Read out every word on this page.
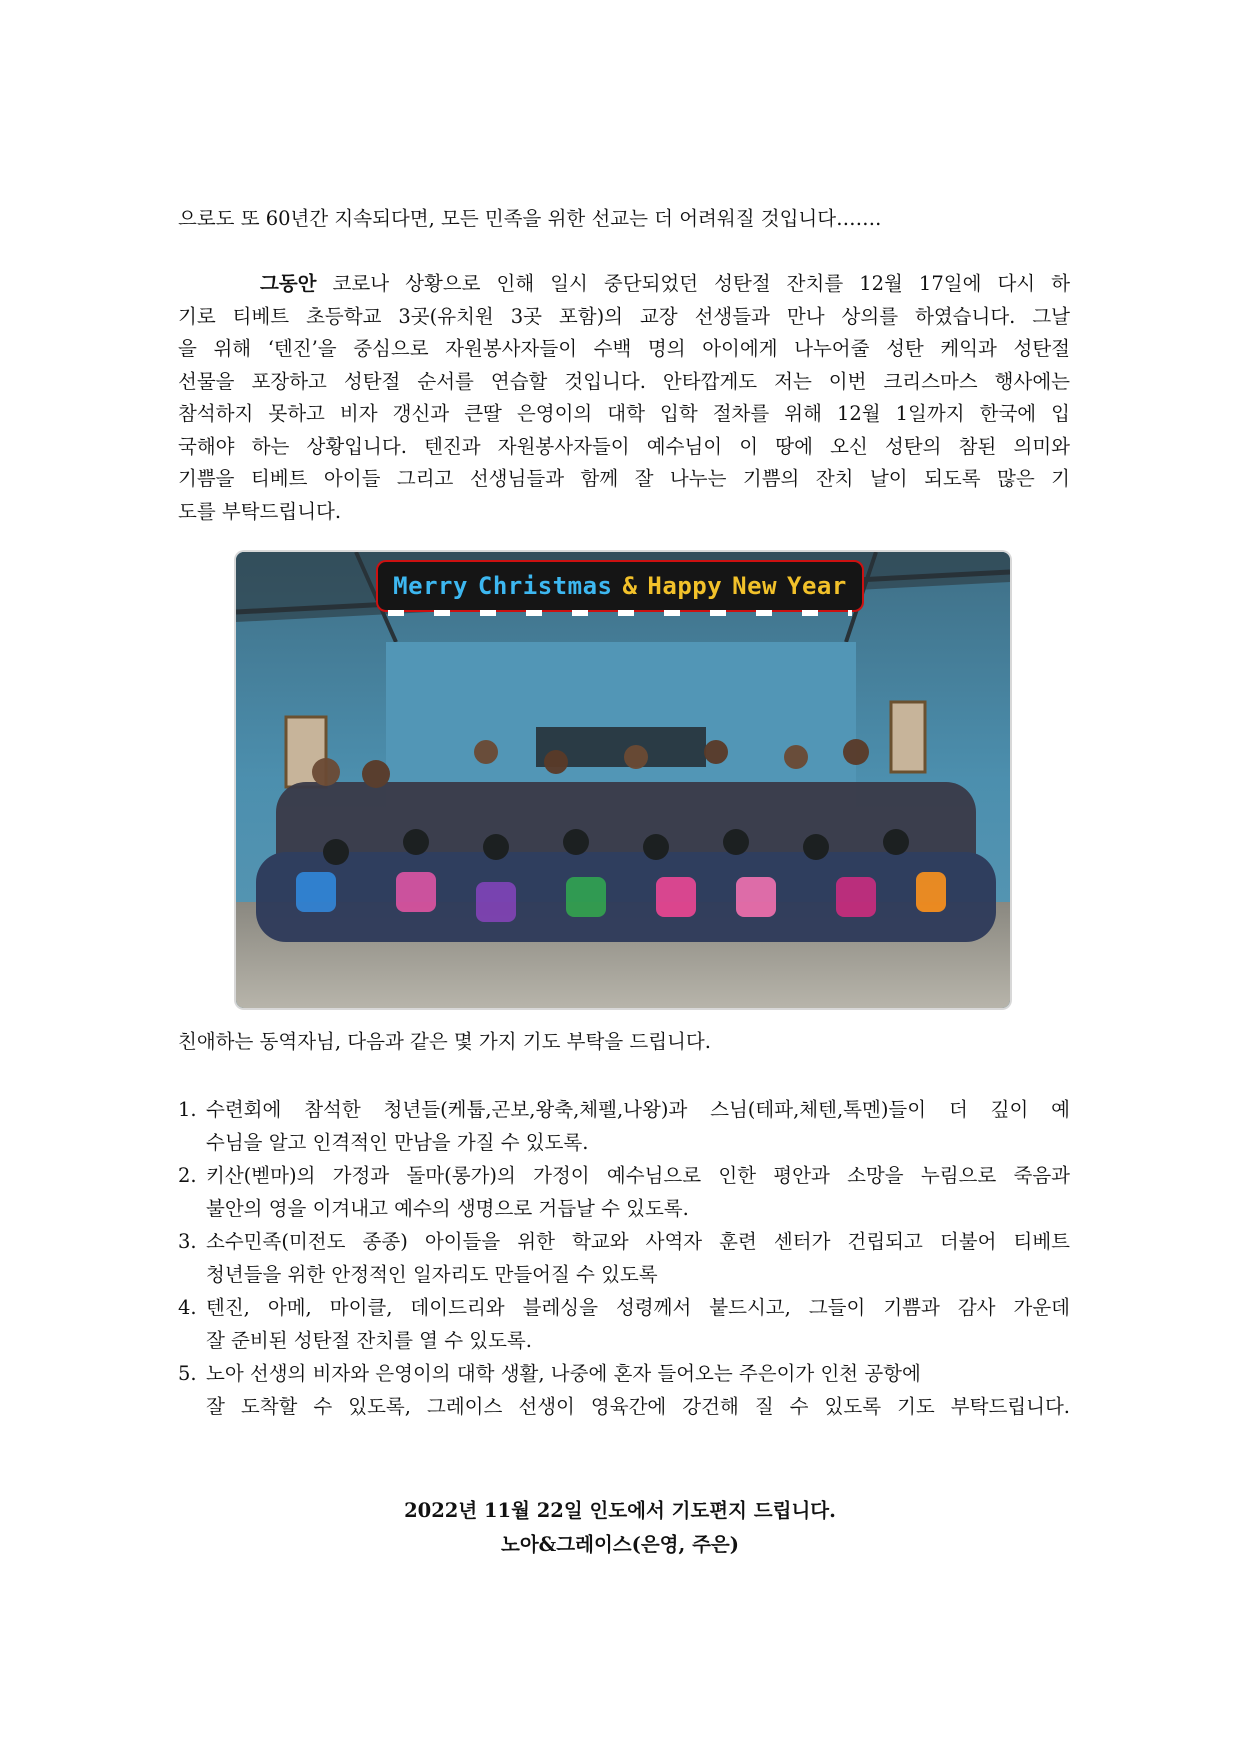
으로도 또 60년간 지속되다면, 모든 민족을 위한 선교는 더 어려워질 것입니다…….
그동안 코로나 상황으로 인해 일시 중단되었던 성탄절 잔치를 12월 17일에 다시 하
기로 티베트 초등학교 3곳(유치원 3곳 포함)의 교장 선생들과 만나 상의를 하였습니다. 그날
을 위해 ‘텐진’을 중심으로 자원봉사자들이 수백 명의 아이에게 나누어줄 성탄 케익과 성탄절
선물을 포장하고 성탄절 순서를 연습할 것입니다. 안타깝게도 저는 이번 크리스마스 행사에는
참석하지 못하고 비자 갱신과 큰딸 은영이의 대학 입학 절차를 위해 12월 1일까지 한국에 입
국해야 하는 상황입니다. 텐진과 자원봉사자들이 예수님이 이 땅에 오신 성탄의 참된 의미와
기쁨을 티베트 아이들 그리고 선생님들과 함께 잘 나누는 기쁨의 잔치 날이 되도록 많은 기
도를 부탁드립니다.
Merry Christmas & Happy New Year
친애하는 동역자님, 다음과 같은 몇 가지 기도 부탁을 드립니다.
1. 수련회에 참석한 청년들(케툽,곤보,왕축,체펠,나왕)과 스님(테파,체텐,톡멘)들이 더 깊이 예
수님을 알고 인격적인 만남을 가질 수 있도록.
2. 키산(벧마)의 가정과 돌마(롱가)의 가정이 예수님으로 인한 평안과 소망을 누림으로 죽음과
불안의 영을 이겨내고 예수의 생명으로 거듭날 수 있도록.
3. 소수민족(미전도 종종) 아이들을 위한 학교와 사역자 훈련 센터가 건립되고 더불어 티베트
청년들을 위한 안정적인 일자리도 만들어질 수 있도록
4. 텐진, 아메, 마이클, 데이드리와 블레싱을 성령께서 붙드시고, 그들이 기쁨과 감사 가운데
잘 준비된 성탄절 잔치를 열 수 있도록.
5. 노아 선생의 비자와 은영이의 대학 생활, 나중에 혼자 들어오는 주은이가 인천 공항에
잘 도착할 수 있도록, 그레이스 선생이 영육간에 강건해 질 수 있도록 기도 부탁드립니다.
2022년 11월 22일 인도에서 기도편지 드립니다.
노아&그레이스(은영, 주은)
